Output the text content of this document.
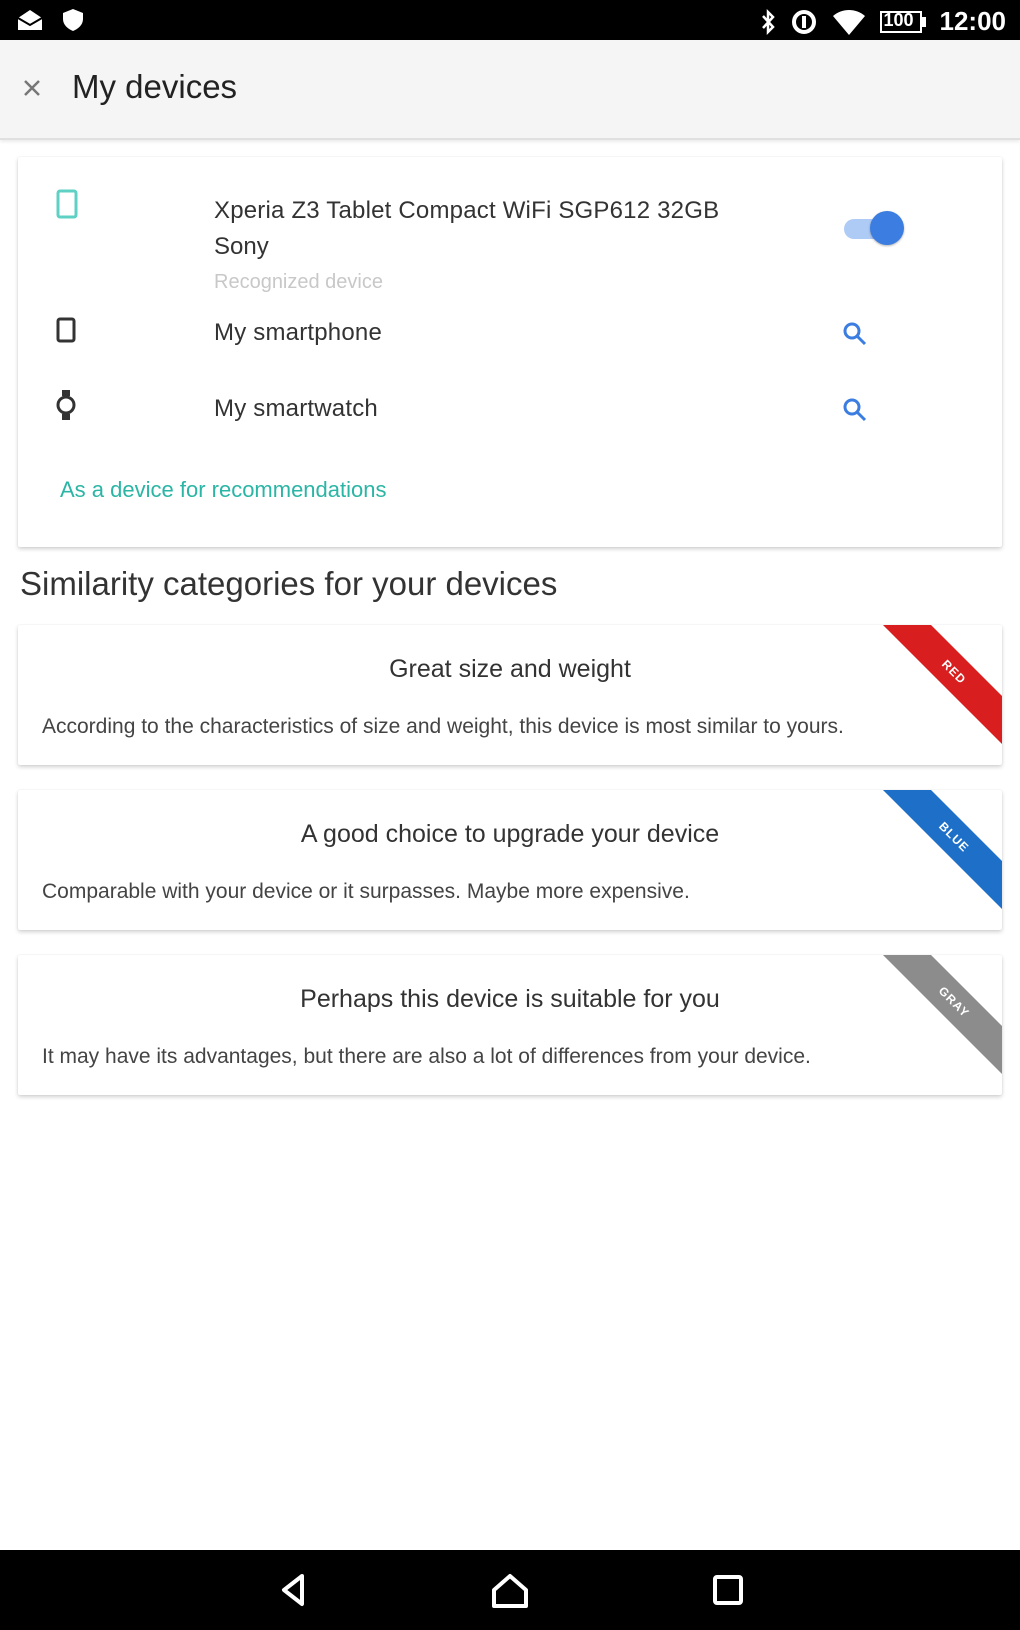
100 12:00
My devices
Xperia Z3 Tablet Compact WiFi SGP612 32GB
Sony
Recognized device
My smartphone
My smartwatch
As a device for recommendations
Similarity categories for your devices
Great size and weight
According to the characteristics of size and weight, this device is most similar to yours.
RED
A good choice to upgrade your device
Comparable with your device or it surpasses. Maybe more expensive.
BLUE
Perhaps this device is suitable for you
It may have its advantages, but there are also a lot of differences from your device.
GRAY
